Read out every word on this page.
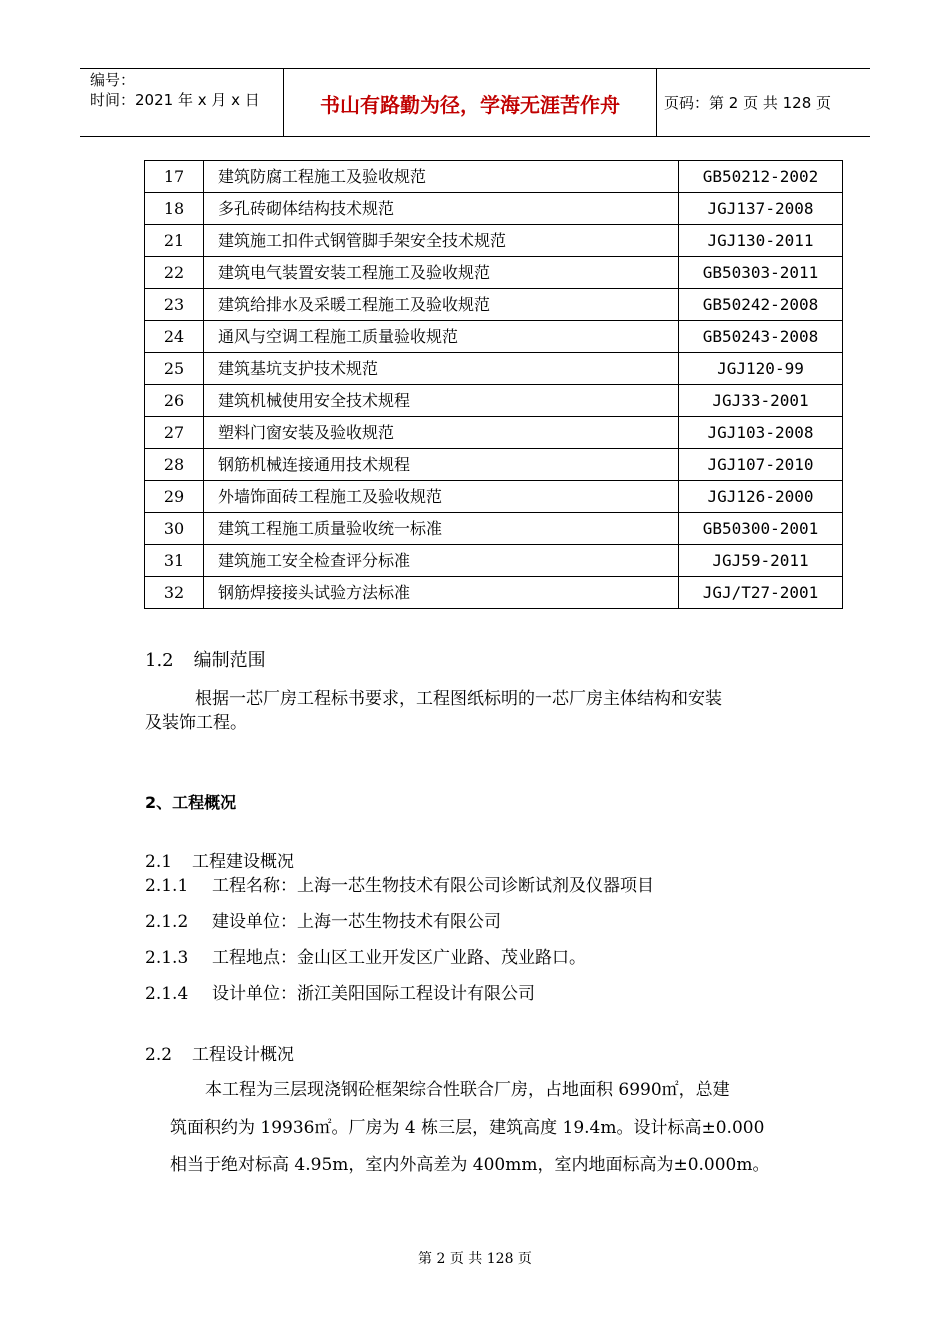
编号：
时间：2021 年 x 月 x 日	书山有路勤为径，学海无涯苦作舟	页码：第 2 页 共 128 页
17	建筑防腐工程施工及验收规范	GB50212-2002
18	多孔砖砌体结构技术规范	JGJ137-2008
21	建筑施工扣件式钢管脚手架安全技术规范	JGJ130-2011
22	建筑电气装置安装工程施工及验收规范	GB50303-2011
23	建筑给排水及采暖工程施工及验收规范	GB50242-2008
24	通风与空调工程施工质量验收规范	GB50243-2008
25	建筑基坑支护技术规范	JGJ120-99
26	建筑机械使用安全技术规程	JGJ33-2001
27	塑料门窗安装及验收规范	JGJ103-2008
28	钢筋机械连接通用技术规程	JGJ107-2010
29	外墙饰面砖工程施工及验收规范	JGJ126-2000
30	建筑工程施工质量验收统一标准	GB50300-2001
31	建筑施工安全检查评分标准	JGJ59-2011
32	钢筋焊接接头试验方法标准	JGJ/T27-2001
1.2 编制范围
根据一芯厂房工程标书要求，工程图纸标明的一芯厂房主体结构和安装
及装饰工程。
2、工程概况
2.1 工程建设概况
2.1.1 工程名称：上海一芯生物技术有限公司诊断试剂及仪器项目
2.1.2 建设单位：上海一芯生物技术有限公司
2.1.3 工程地点：金山区工业开发区广业路、茂业路口。
2.1.4 设计单位：浙江美阳国际工程设计有限公司
2.2 工程设计概况
本工程为三层现浇钢砼框架综合性联合厂房，占地面积 6990㎡，总建
筑面积约为 19936㎡。厂房为 4 栋三层，建筑高度 19.4m。设计标高±0.000
相当于绝对标高 4.95m，室内外高差为 400mm，室内地面标高为±0.000m。
第 2 页 共 128 页
